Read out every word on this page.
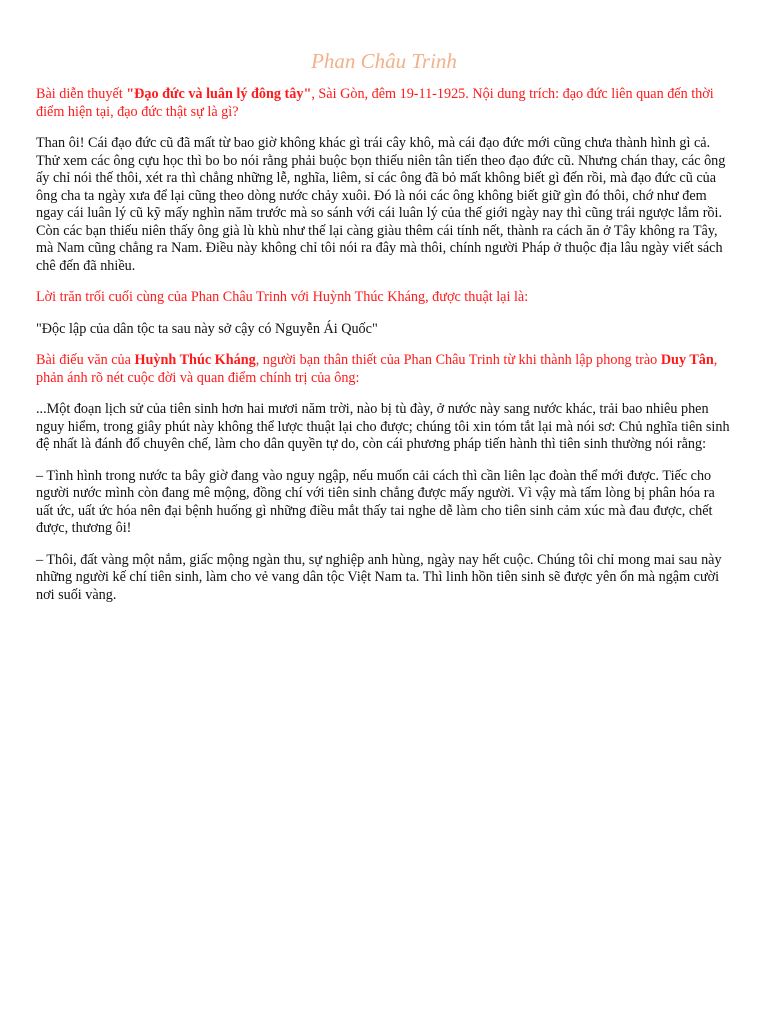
Phan Châu Trinh

Bài diễn thuyết "Đạo đức và luân lý đông tây", Sài Gòn, đêm 19-11-1925. Nội dung trích: đạo đức liên quan đến thời điểm hiện tại, đạo đức thật sự là gì?

Than ôi! Cái đạo đức cũ đã mất từ bao giờ không khác gì trái cây khô, mà cái đạo đức mới cũng chưa thành hình gì cả. Thử xem các ông cựu học thì bo bo nói rằng phải buộc bọn thiếu niên tân tiến theo đạo đức cũ. Nhưng chán thay, các ông ấy chỉ nói thế thôi, xét ra thì chẳng những lễ, nghĩa, liêm, sỉ các ông đã bỏ mất không biết gì đến rồi, mà đạo đức cũ của ông cha ta ngày xưa để lại cũng theo dòng nước chảy xuôi. Đó là nói các ông không biết giữ gìn đó thôi, chớ như đem ngay cái luân lý cũ kỹ mấy nghìn năm trước mà so sánh với cái luân lý của thế giới ngày nay thì cũng trái ngược lắm rồi. Còn các bạn thiếu niên thấy ông già lù khù như thế lại càng giàu thêm cái tính nết, thành ra cách ăn ở Tây không ra Tây, mà Nam cũng chẳng ra Nam. Điều này không chỉ tôi nói ra đây mà thôi, chính người Pháp ở thuộc địa lâu ngày viết sách chê đến đã nhiều.

Lời trăn trối cuối cùng của Phan Châu Trinh với Huỳnh Thúc Kháng, được thuật lại là:

"Độc lập của dân tộc ta sau này sở cậy có Nguyễn Ái Quốc"

Bài điếu văn của Huỳnh Thúc Kháng, người bạn thân thiết của Phan Châu Trinh từ khi thành lập phong trào Duy Tân, phản ánh rõ nét cuộc đời và quan điểm chính trị của ông:

...Một đoạn lịch sử của tiên sinh hơn hai mươi năm trời, nào bị tù đày, ở nước này sang nước khác, trải bao nhiêu phen nguy hiểm, trong giây phút này không thể lược thuật lại cho được; chúng tôi xin tóm tắt lại mà nói sơ: Chủ nghĩa tiên sinh đệ nhất là đánh đổ chuyên chế, làm cho dân quyền tự do, còn cái phương pháp tiến hành thì tiên sinh thường nói rằng:

– Tình hình trong nước ta bây giờ đang vào nguy ngập, nếu muốn cải cách thì cần liên lạc đoàn thể mới được. Tiếc cho người nước mình còn đang mê mộng, đồng chí với tiên sinh chẳng được mấy người. Vì vậy mà tấm lòng bị phân hóa ra uất ức, uất ức hóa nên đại bệnh huống gì những điều mắt thấy tai nghe dễ làm cho tiên sinh cảm xúc mà đau được, chết được, thương ôi!

– Thôi, đất vàng một nắm, giấc mộng ngàn thu, sự nghiệp anh hùng, ngày nay hết cuộc. Chúng tôi chỉ mong mai sau này những người kế chí tiên sinh, làm cho vẻ vang dân tộc Việt Nam ta. Thì linh hồn tiên sinh sẽ được yên ổn mà ngậm cười nơi suối vàng.
